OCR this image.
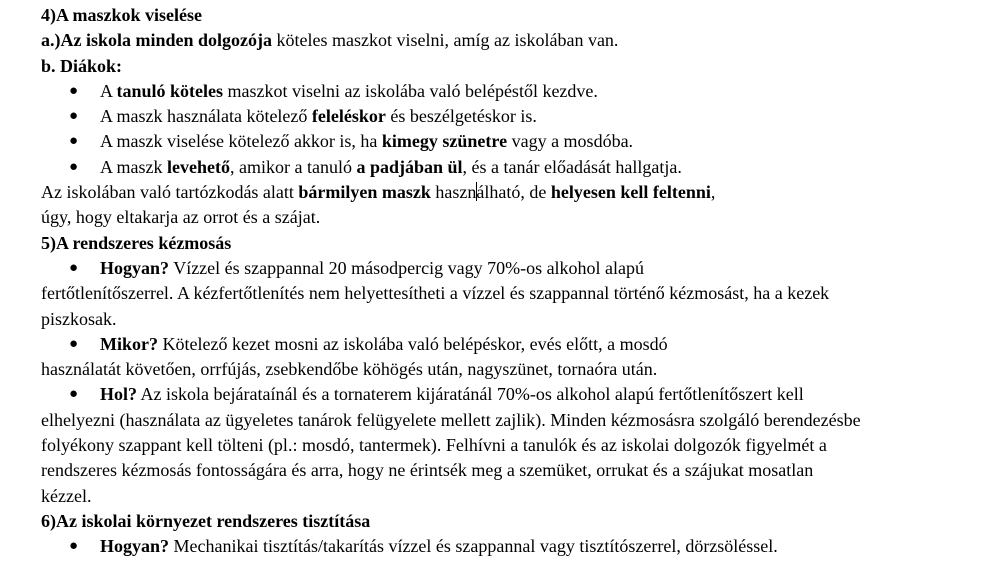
4)A maszkok viselése
a.)Az iskola minden dolgozója köteles maszkot viselni, amíg az iskolában van.
b. Diákok:
● A tanuló köteles maszkot viselni az iskolába való belépéstől kezdve.
● A maszk használata kötelező feleléskor és beszélgetéskor is.
● A maszk viselése kötelező akkor is, ha kimegy szünetre vagy a mosdóba.
● A maszk levehető, amikor a tanuló a padjában ül, és a tanár előadását hallgatja.
Az iskolában való tartózkodás alatt bármilyen maszk használható, de helyesen kell feltenni,
úgy, hogy eltakarja az orrot és a szájat.
5)A rendszeres kézmosás
● Hogyan? Vízzel és szappannal 20 másodpercig vagy 70%-os alkohol alapú
fertőtlenítőszerrel. A kézfertőtlenítés nem helyettesítheti a vízzel és szappannal történő kézmosást, ha a kezek
piszkosak.
● Mikor? Kötelező kezet mosni az iskolába való belépéskor, evés előtt, a mosdó
használatát követően, orrfújás, zsebkendőbe köhögés után, nagyszünet, tornaóra után.
● Hol? Az iskola bejárataínál és a tornaterem kijáratánál 70%-os alkohol alapú fertőtlenítőszert kell
elhelyezni (használata az ügyeletes tanárok felügyelete mellett zajlik). Minden kézmosásra szolgáló berendezésbe
folyékony szappant kell tölteni (pl.: mosdó, tantermek). Felhívni a tanulók és az iskolai dolgozók figyelmét a
rendszeres kézmosás fontosságára és arra, hogy ne érintsék meg a szemüket, orrukat és a szájukat mosatlan
kézzel.
6)Az iskolai környezet rendszeres tisztítása
● Hogyan? Mechanikai tisztítás/takarítás vízzel és szappannal vagy tisztítószerrel, dörzsöléssel.
